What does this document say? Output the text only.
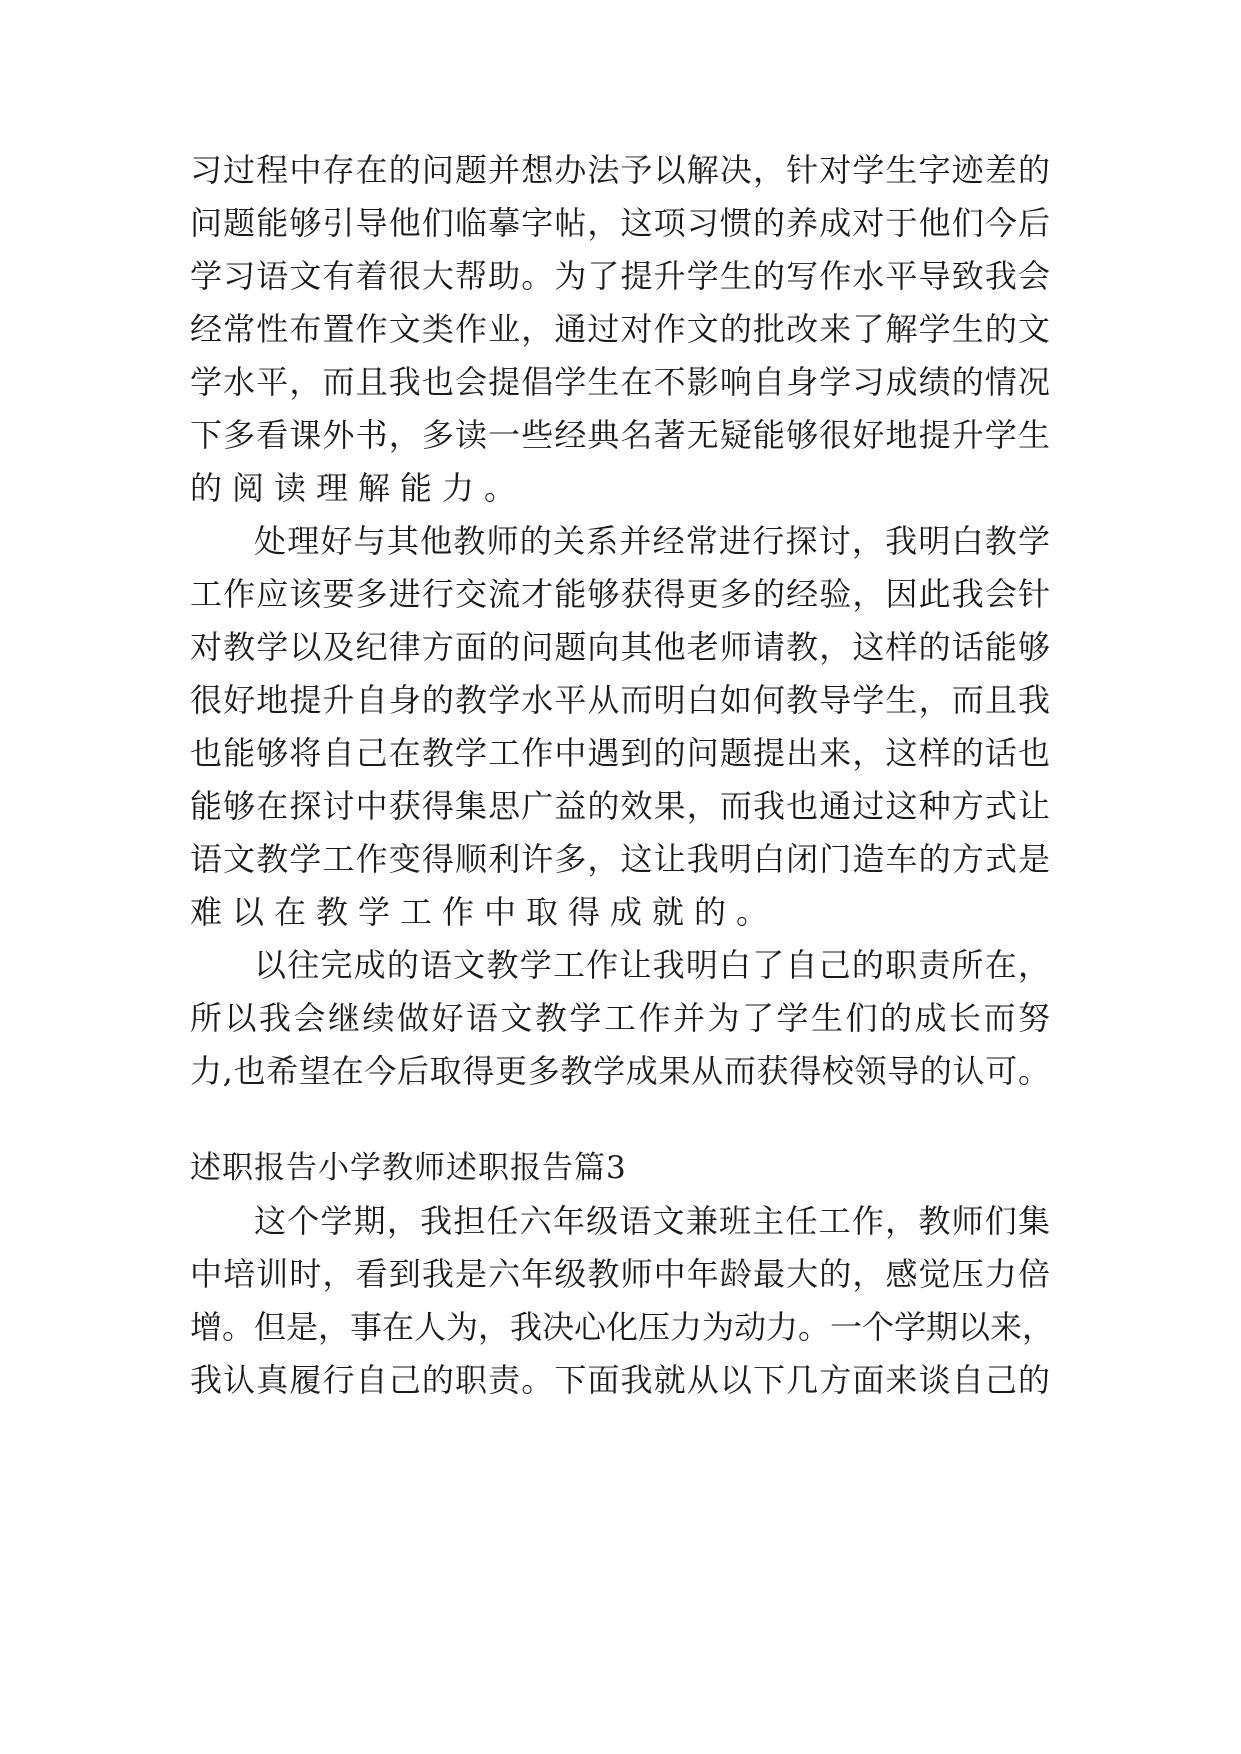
习过程中存在的问题并想办法予以解决，针对学生字迹差的
问题能够引导他们临摹字帖，这项习惯的养成对于他们今后
学习语文有着很大帮助。为了提升学生的写作水平导致我会
经常性布置作文类作业，通过对作文的批改来了解学生的文
学水平，而且我也会提倡学生在不影响自身学习成绩的情况
下多看课外书，多读一些经典名著无疑能够很好地提升学生
的阅读理解能力。
处理好与其他教师的关系并经常进行探讨，我明白教学
工作应该要多进行交流才能够获得更多的经验，因此我会针
对教学以及纪律方面的问题向其他老师请教，这样的话能够
很好地提升自身的教学水平从而明白如何教导学生，而且我
也能够将自己在教学工作中遇到的问题提出来，这样的话也
能够在探讨中获得集思广益的效果，而我也通过这种方式让
语文教学工作变得顺利许多，这让我明白闭门造车的方式是
难以在教学工作中取得成就的。
以往完成的语文教学工作让我明白了自己的职责所在，
所以我会继续做好语文教学工作并为了学生们的成长而努
力,也希望在今后取得更多教学成果从而获得校领导的认可。
述职报告小学教师述职报告篇3
这个学期，我担任六年级语文兼班主任工作，教师们集
中培训时，看到我是六年级教师中年龄最大的，感觉压力倍
增。但是，事在人为，我决心化压力为动力。一个学期以来，
我认真履行自己的职责。下面我就从以下几方面来谈自己的
